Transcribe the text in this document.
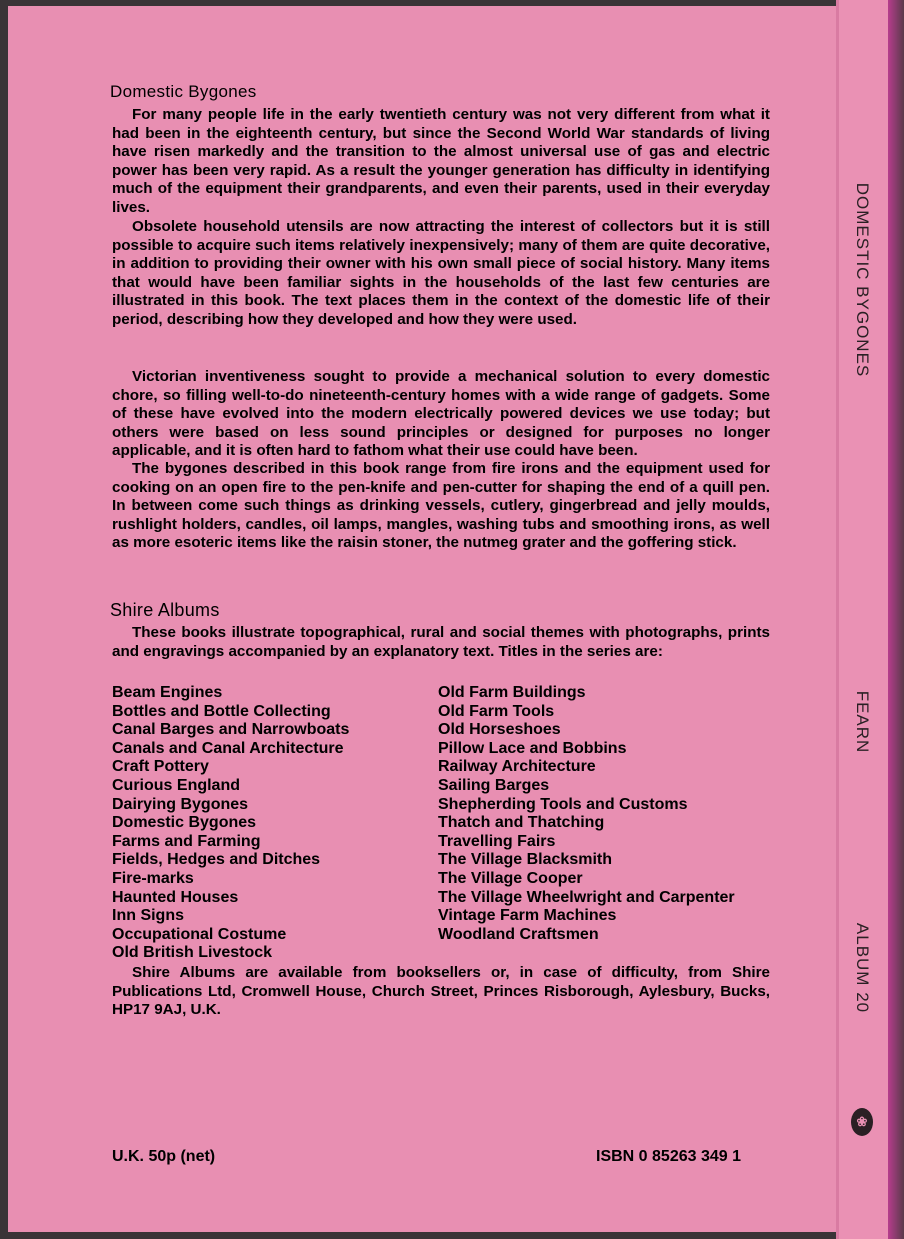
DOMESTIC BYGONES
FEARN
ALBUM 20
❀
Domestic Bygones

For many people life in the early twentieth century was not very different from what it had been in the eighteenth century, but since the Second World War standards of living have risen markedly and the transition to the almost universal use of gas and electric power has been very rapid. As a result the younger generation has difficulty in identifying much of the equipment their grandparents, and even their parents, used in their everyday lives.

Obsolete household utensils are now attracting the interest of collectors but it is still possible to acquire such items relatively inexpensively; many of them are quite decorative, in addition to providing their owner with his own small piece of social history. Many items that would have been familiar sights in the households of the last few centuries are illustrated in this book. The text places them in the context of the domestic life of their period, describing how they developed and how they were used.

Victorian inventiveness sought to provide a mechanical solution to every domestic chore, so filling well-to-do nineteenth-century homes with a wide range of gadgets. Some of these have evolved into the modern electrically powered devices we use today; but others were based on less sound principles or designed for purposes no longer applicable, and it is often hard to fathom what their use could have been.

The bygones described in this book range from fire irons and the equipment used for cooking on an open fire to the pen-knife and pen-cutter for shaping the end of a quill pen. In between come such things as drinking vessels, cutlery, gingerbread and jelly moulds, rushlight holders, candles, oil lamps, mangles, washing tubs and smoothing irons, as well as more esoteric items like the raisin stoner, the nutmeg grater and the goffering stick.

Shire Albums

These books illustrate topographical, rural and social themes with photographs, prints and engravings accompanied by an explanatory text. Titles in the series are:

Beam Engines
Bottles and Bottle Collecting
Canal Barges and Narrowboats
Canals and Canal Architecture
Craft Pottery
Curious England
Dairying Bygones
Domestic Bygones
Farms and Farming
Fields, Hedges and Ditches
Fire-marks
Haunted Houses
Inn Signs
Occupational Costume
Old British Livestock
Old Farm Buildings
Old Farm Tools
Old Horseshoes
Pillow Lace and Bobbins
Railway Architecture
Sailing Barges
Shepherding Tools and Customs
Thatch and Thatching
Travelling Fairs
The Village Blacksmith
The Village Cooper
The Village Wheelwright and Carpenter
Vintage Farm Machines
Woodland Craftsmen

Shire Albums are available from booksellers or, in case of difficulty, from Shire Publications Ltd, Cromwell House, Church Street, Princes Risborough, Aylesbury, Bucks, HP17 9AJ, U.K.

U.K. 50p (net)	ISBN 0 85263 349 1
